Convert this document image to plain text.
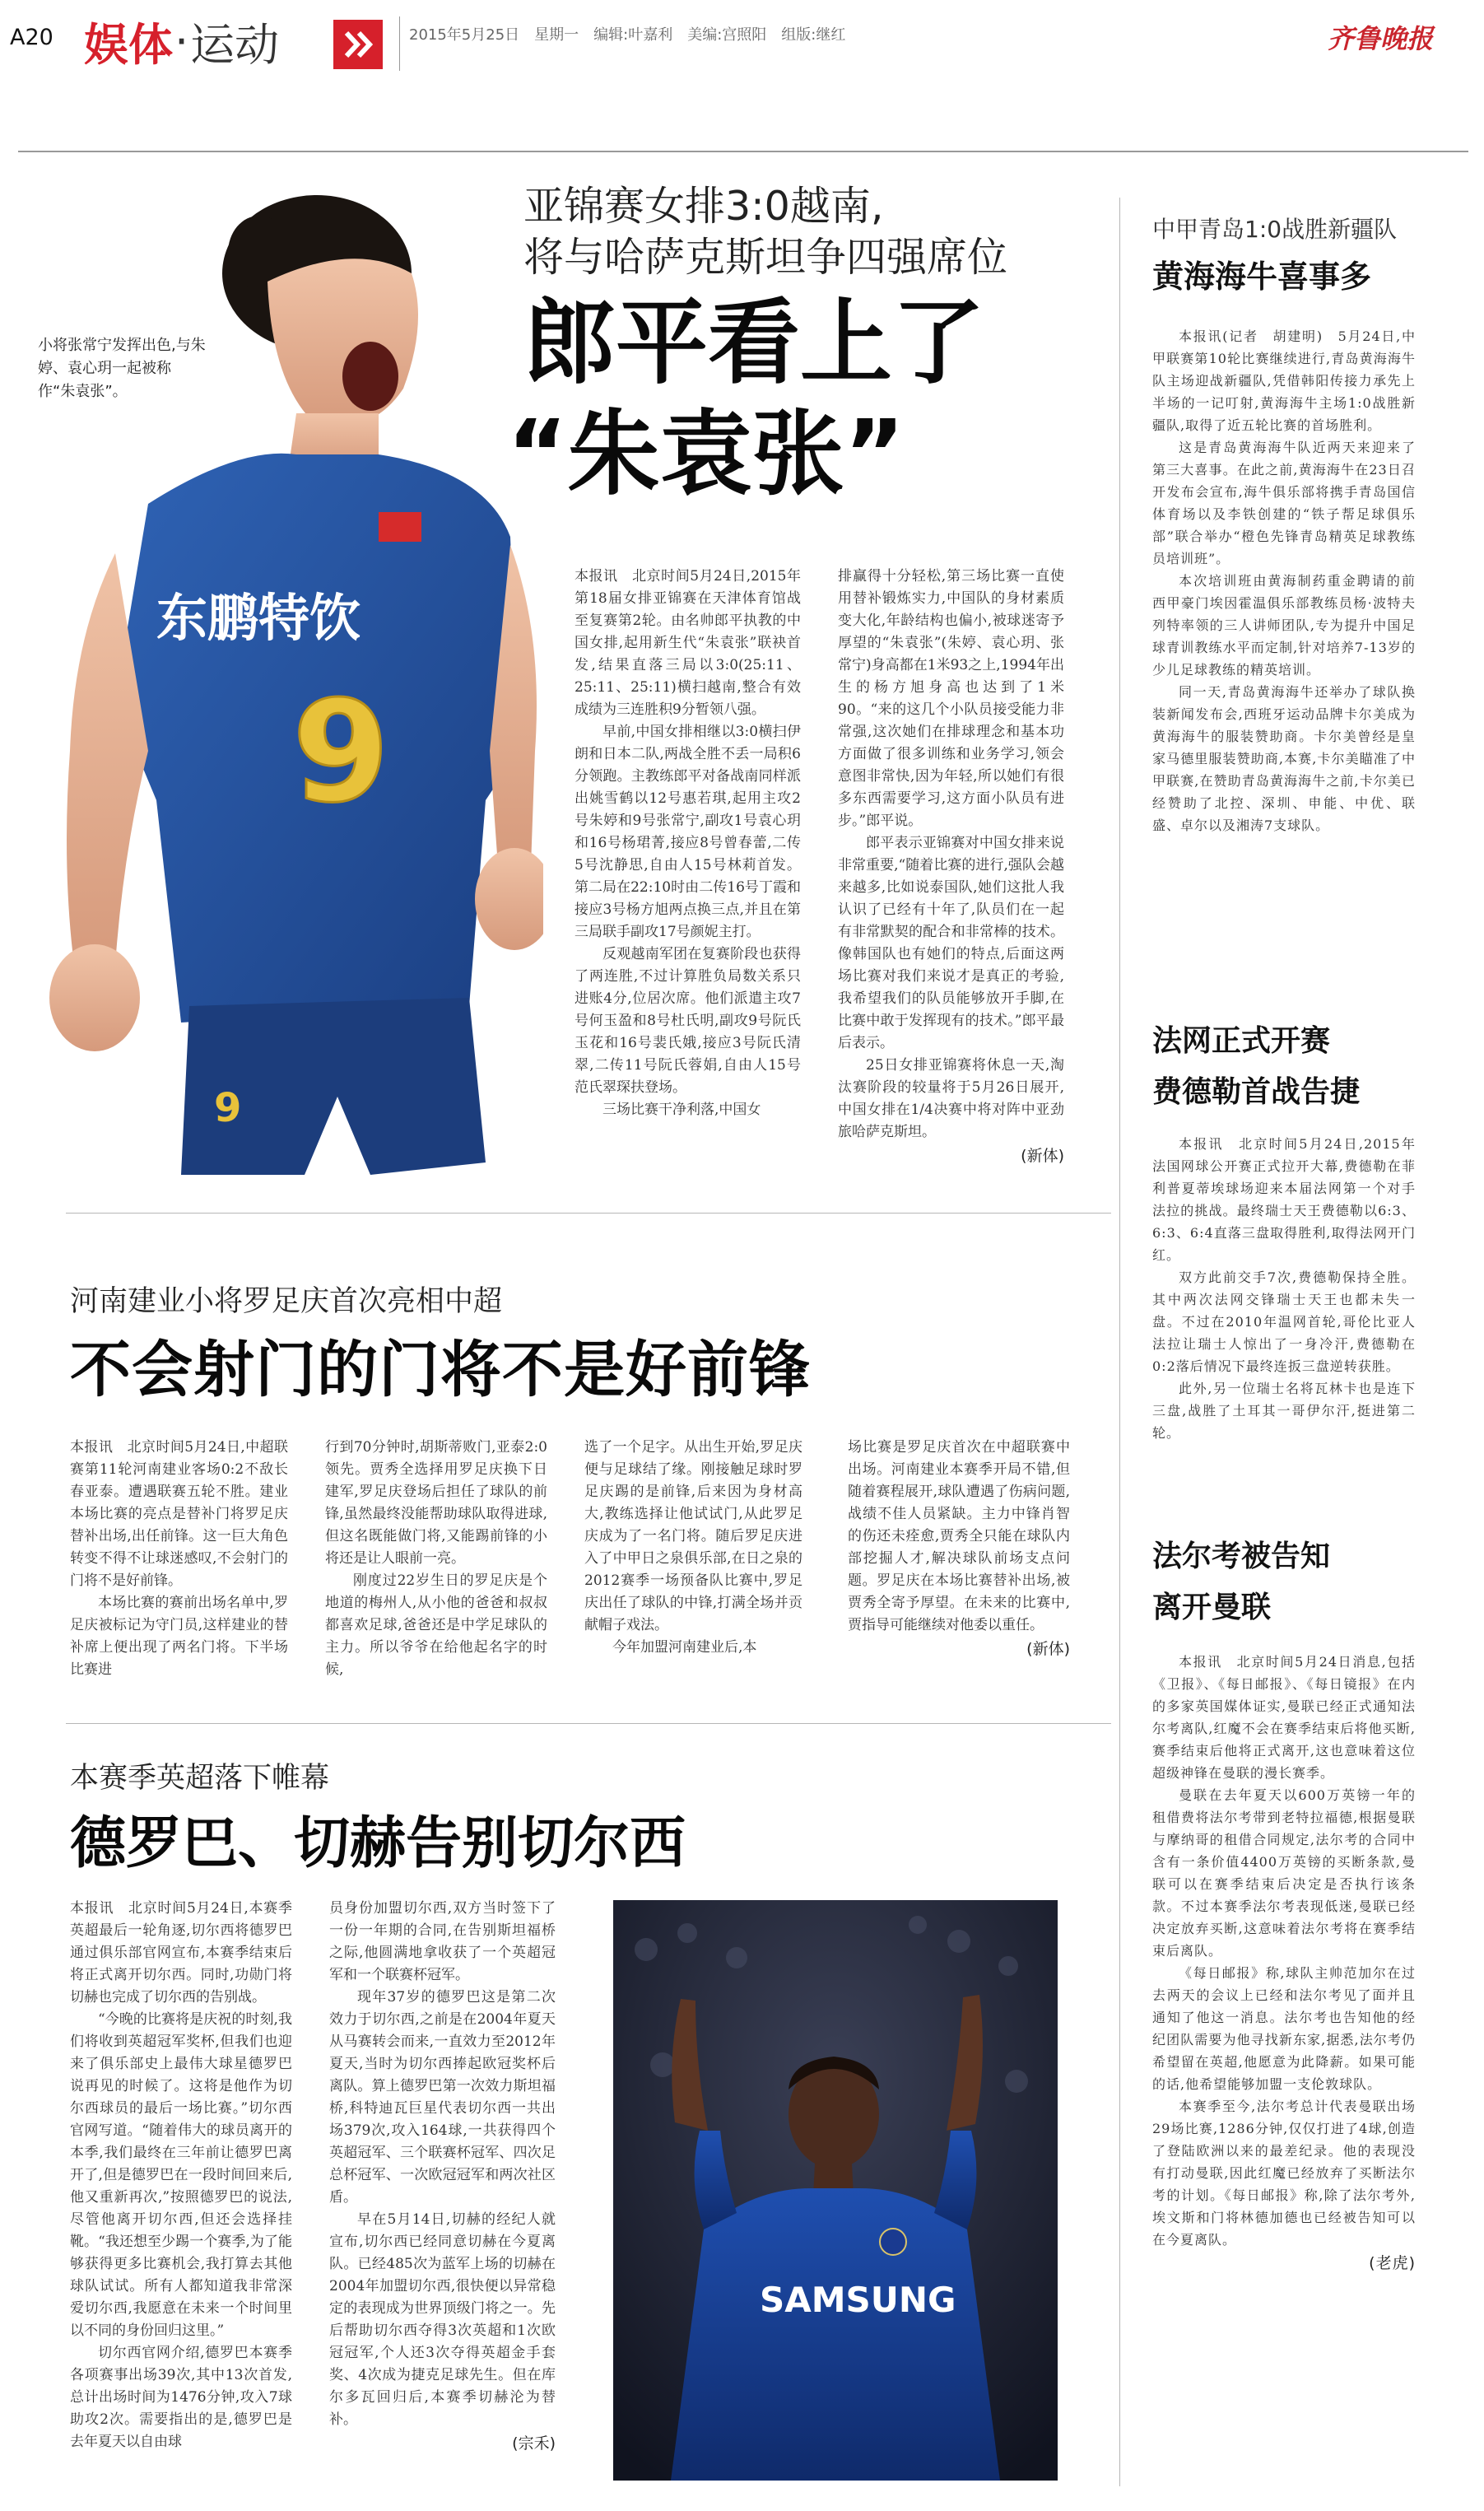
A20 娱体 · 运动	2015年5月25日　星期一　编辑:叶嘉利　美编:宫照阳　组版:继红	齐鲁晚报
东鹏特饮
9
9
小将张常宁发挥出色,与朱婷、袁心玥一起被称作“朱袁张”。
亚锦赛女排3:0越南,
将与哈萨克斯坦争四强席位
郎平看上了
“朱袁张”

本报讯　北京时间5月24日,2015年第18届女排亚锦赛在天津体育馆战至复赛第2轮。由名帅郎平执教的中国女排,起用新生代“朱袁张”联袂首发,结果直落三局以3:0(25:11、25:11、25:11)横扫越南,整合有效成绩为三连胜积9分暂领八强。

早前,中国女排相继以3:0横扫伊朗和日本二队,两战全胜不丢一局积6分领跑。主教练郎平对备战南同样派出姚雪鹤以12号惠若琪,起用主攻2号朱婷和9号张常宁,副攻1号袁心玥和16号杨珺菁,接应8号曾春蕾,二传5号沈静思,自由人15号林莉首发。第二局在22:10时由二传16号丁霞和接应3号杨方旭两点换三点,并且在第三局联手副攻17号颜妮主打。

反观越南军团在复赛阶段也获得了两连胜,不过计算胜负局数关系只进账4分,位居次席。他们派遣主攻7号何玉盈和8号杜氏明,副攻9号阮氏玉花和16号裴氏娥,接应3号阮氏清翠,二传11号阮氏蓉娟,自由人15号范氏翠琛扶登场。

三场比赛干净利落,中国女

排赢得十分轻松,第三场比赛一直使用替补锻炼实力,中国队的身材素质变大化,年龄结构也偏小,被球迷寄予厚望的“朱袁张”(朱婷、袁心玥、张常宁)身高都在1米93之上,1994年出生的杨方旭身高也达到了1米90。“来的这几个小队员接受能力非常强,这次她们在排球理念和基本功方面做了很多训练和业务学习,领会意图非常快,因为年轻,所以她们有很多东西需要学习,这方面小队员有进步。”郎平说。

郎平表示亚锦赛对中国女排来说非常重要,“随着比赛的进行,强队会越来越多,比如说泰国队,她们这批人我认识了已经有十年了,队员们在一起有非常默契的配合和非常棒的技术。像韩国队也有她们的特点,后面这两场比赛对我们来说才是真正的考验,我希望我们的队员能够放开手脚,在比赛中敢于发挥现有的技术。”郎平最后表示。

25日女排亚锦赛将休息一天,淘汰赛阶段的较量将于5月26日展开,中国女排在1/4决赛中将对阵中亚劲旅哈萨克斯坦。

(新体)
中甲青岛1:0战胜新疆队
黄海海牛喜事多

本报讯(记者　胡建明)　5月24日,中甲联赛第10轮比赛继续进行,青岛黄海海牛队主场迎战新疆队,凭借韩阳传接力承先上半场的一记叮射,黄海海牛主场1:0战胜新疆队,取得了近五轮比赛的首场胜利。

这是青岛黄海海牛队近两天来迎来了第三大喜事。在此之前,黄海海牛在23日召开发布会宣布,海牛俱乐部将携手青岛国信体育场以及李铁创建的“铁子帮足球俱乐部”联合举办“橙色先锋青岛精英足球教练员培训班”。

本次培训班由黄海制药重金聘请的前西甲豪门埃因霍温俱乐部教练员杨·波特夫列特率领的三人讲师团队,专为提升中国足球青训教练水平而定制,针对培养7-13岁的少儿足球教练的精英培训。

同一天,青岛黄海海牛还举办了球队换装新闻发布会,西班牙运动品牌卡尔美成为黄海海牛的服装赞助商。卡尔美曾经是皇家马德里服装赞助商,本赛,卡尔美瞄准了中甲联赛,在赞助青岛黄海海牛之前,卡尔美已经赞助了北控、深圳、申能、中优、联盛、卓尔以及湘涛7支球队。

法网正式开赛
费德勒首战告捷

本报讯　北京时间5月24日,2015年法国网球公开赛正式拉开大幕,费德勒在菲利普夏蒂埃球场迎来本届法网第一个对手法拉的挑战。最终瑞士天王费德勒以6:3、6:3、6:4直落三盘取得胜利,取得法网开门红。

双方此前交手7次,费德勒保持全胜。其中两次法网交锋瑞士天王也都未失一盘。不过在2010年温网首轮,哥伦比亚人法拉让瑞士人惊出了一身冷汗,费德勒在0:2落后情况下最终连扳三盘逆转获胜。

此外,另一位瑞士名将瓦林卡也是连下三盘,战胜了土耳其一哥伊尔汗,挺进第二轮。

法尔考被告知
离开曼联

本报讯　北京时间5月24日消息,包括《卫报》、《每日邮报》、《每日镜报》在内的多家英国媒体证实,曼联已经正式通知法尔考离队,红魔不会在赛季结束后将他买断,赛季结束后他将正式离开,这也意味着这位超级神锋在曼联的漫长赛季。

曼联在去年夏天以600万英镑一年的租借费将法尔考带到老特拉福德,根据曼联与摩纳哥的租借合同规定,法尔考的合同中含有一条价值4400万英镑的买断条款,曼联可以在赛季结束后决定是否执行该条款。不过本赛季法尔考表现低迷,曼联已经决定放弃买断,这意味着法尔考将在赛季结束后离队。

《每日邮报》称,球队主帅范加尔在过去两天的会议上已经和法尔考见了面并且通知了他这一消息。法尔考也告知他的经纪团队需要为他寻找新东家,据悉,法尔考仍希望留在英超,他愿意为此降薪。如果可能的话,他希望能够加盟一支伦敦球队。

本赛季至今,法尔考总计代表曼联出场29场比赛,1286分钟,仅仅打进了4球,创造了登陆欧洲以来的最差纪录。他的表现没有打动曼联,因此红魔已经放弃了买断法尔考的计划。《每日邮报》称,除了法尔考外,埃文斯和门将林德加德也已经被告知可以在今夏离队。

(老虎)
河南建业小将罗足庆首次亮相中超
不会射门的门将不是好前锋

本报讯　北京时间5月24日,中超联赛第11轮河南建业客场0:2不敌长春亚泰。遭遇联赛五轮不胜。建业本场比赛的亮点是替补门将罗足庆替补出场,出任前锋。这一巨大角色转变不得不让球迷感叹,不会射门的门将不是好前锋。

本场比赛的赛前出场名单中,罗足庆被标记为守门员,这样建业的替补席上便出现了两名门将。下半场比赛进

行到70分钟时,胡斯蒂败门,亚泰2:0领先。贾秀全选择用罗足庆换下日建军,罗足庆登场后担任了球队的前锋,虽然最终没能帮助球队取得进球,但这名既能做门将,又能踢前锋的小将还是让人眼前一亮。

刚度过22岁生日的罗足庆是个地道的梅州人,从小他的爸爸和叔叔都喜欢足球,爸爸还是中学足球队的主力。所以爷爷在给他起名字的时候,

选了一个足字。从出生开始,罗足庆便与足球结了缘。刚接触足球时罗足庆踢的是前锋,后来因为身材高大,教练选择让他试试门,从此罗足庆成为了一名门将。随后罗足庆进入了中甲日之泉俱乐部,在日之泉的2012赛季一场预备队比赛中,罗足庆出任了球队的中锋,打满全场并贡献帽子戏法。

今年加盟河南建业后,本

场比赛是罗足庆首次在中超联赛中出场。河南建业本赛季开局不错,但随着赛程展开,球队遭遇了伤病问题,战绩不佳人员紧缺。主力中锋肖智的伤还未痊愈,贾秀全只能在球队内部挖掘人才,解决球队前场支点问题。罗足庆在本场比赛替补出场,被贾秀全寄予厚望。在未来的比赛中,贾指导可能继续对他委以重任。

(新体)
本赛季英超落下帷幕
德罗巴、切赫告别切尔西

本报讯　北京时间5月24日,本赛季英超最后一轮角逐,切尔西将德罗巴通过俱乐部官网宣布,本赛季结束后将正式离开切尔西。同时,功勋门将切赫也完成了切尔西的告别战。

“今晚的比赛将是庆祝的时刻,我们将收到英超冠军奖杯,但我们也迎来了俱乐部史上最伟大球星德罗巴说再见的时候了。这将是他作为切尔西球员的最后一场比赛。”切尔西官网写道。“随着伟大的球员离开的本季,我们最终在三年前让德罗巴离开了,但是德罗巴在一段时间回来后,他又重新再次,”按照德罗巴的说法,尽管他离开切尔西,但还会选择挂靴。“我还想至少踢一个赛季,为了能够获得更多比赛机会,我打算去其他球队试试。所有人都知道我非常深爱切尔西,我愿意在未来一个时间里以不同的身份回归这里。”

切尔西官网介绍,德罗巴本赛季各项赛事出场39次,其中13次首发,总计出场时间为1476分钟,攻入7球助攻2次。需要指出的是,德罗巴是去年夏天以自由球

员身份加盟切尔西,双方当时签下了一份一年期的合同,在告别斯坦福桥之际,他圆满地拿收获了一个英超冠军和一个联赛杯冠军。

现年37岁的德罗巴这是第二次效力于切尔西,之前是在2004年夏天从马赛转会而来,一直效力至2012年夏天,当时为切尔西捧起欧冠奖杯后离队。算上德罗巴第一次效力斯坦福桥,科特迪瓦巨星代表切尔西一共出场379次,攻入164球,一共获得四个英超冠军、三个联赛杯冠军、四次足总杯冠军、一次欧冠冠军和两次社区盾。

早在5月14日,切赫的经纪人就宣布,切尔西已经同意切赫在今夏离队。已经485次为蓝军上场的切赫在2004年加盟切尔西,很快便以异常稳定的表现成为世界顶级门将之一。先后帮助切尔西夺得3次英超和1次欧冠冠军,个人还3次夺得英超金手套奖、4次成为捷克足球先生。但在库尔多瓦回归后,本赛季切赫沦为替补。

(宗禾)
SAMSUNG
